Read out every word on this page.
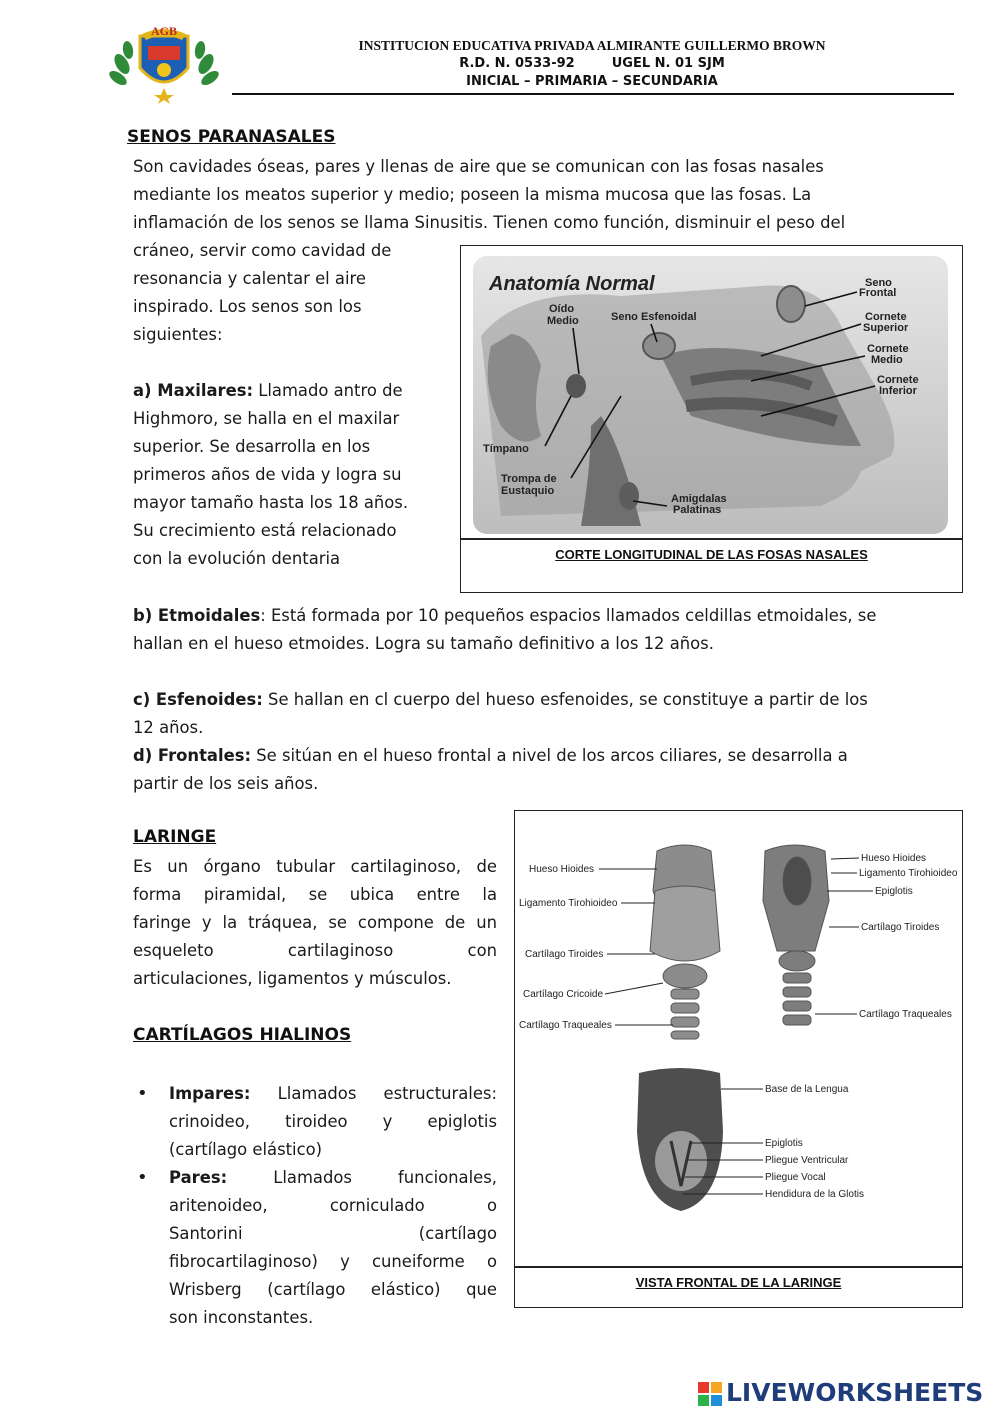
AGB
INSTITUCION EDUCATIVA PRIVADA ALMIRANTE GUILLERMO BROWN
R.D. N. 0533-92	UGEL N. 01 SJM
INICIAL – PRIMARIA – SECUNDARIA
SENOS PARANASALES
Son cavidades óseas, pares y llenas de aire que se comunican con las fosas nasales
mediante los meatos superior y medio; poseen la misma mucosa que las fosas. La
inflamación de los senos se llama Sinusitis. Tienen como función, disminuir el peso del
cráneo, servir como cavidad de
resonancia y calentar el aire
inspirado. Los senos son los
siguientes:
a) Maxilares: Llamado antro de
Highmoro, se halla en el maxilar
superior. Se desarrolla en los
primeros años de vida y logra su
mayor tamaño hasta los 18 años.
Su crecimiento está relacionado
con la evolución dentaria
Anatomía Normal
Oído
Medio	Seno Esfenoidal
Seno
Frontal
Cornete
Superior
Cornete
Medio
Cornete
Inferior
Tímpano
Trompa de
Eustaquio
Amigdalas
Palatinas
CORTE LONGITUDINAL DE LAS FOSAS NASALES
b) Etmoidales: Está formada por 10 pequeños espacios llamados celdillas etmoidales, se
hallan en el hueso etmoides. Logra su tamaño definitivo a los 12 años.
c) Esfenoides: Se hallan en cl cuerpo del hueso esfenoides, se constituye a partir de los
12 años.
d) Frontales: Se sitúan en el hueso frontal a nivel de los arcos ciliares, se desarrolla a
partir de los seis años.
LARINGE
Es un órgano tubular cartilaginoso, de
forma piramidal, se ubica entre la
faringe y la tráquea, se compone de un
esqueleto cartilaginoso con
articulaciones, ligamentos y músculos.
CARTÍLAGOS HIALINOS
• Impares: Llamados estructurales:
crinoideo, tiroideo y epiglotis
(cartílago elástico)
• Pares:	Llamados funcionales,
aritenoideo, corniculado o
Santorini (cartílago
fibrocartilaginoso) y cuneiforme o
Wrisberg (cartílago elástico) que
son inconstantes.
Hueso Hioides
Ligamento Tirohioideo
Cartílago Tiroides
Cartílago Cricoide
Cartílago Traqueales
Hueso Hioides
Ligamento Tirohioideo
Epiglotis
Cartílago Tiroides
Cartílago Traqueales
Base de la Lengua
Epiglotis
Pliegue Ventricular
Pliegue Vocal
Hendidura de la Glotis
VISTA FRONTAL DE LA LARINGE
LIVEWORKSHEETS
